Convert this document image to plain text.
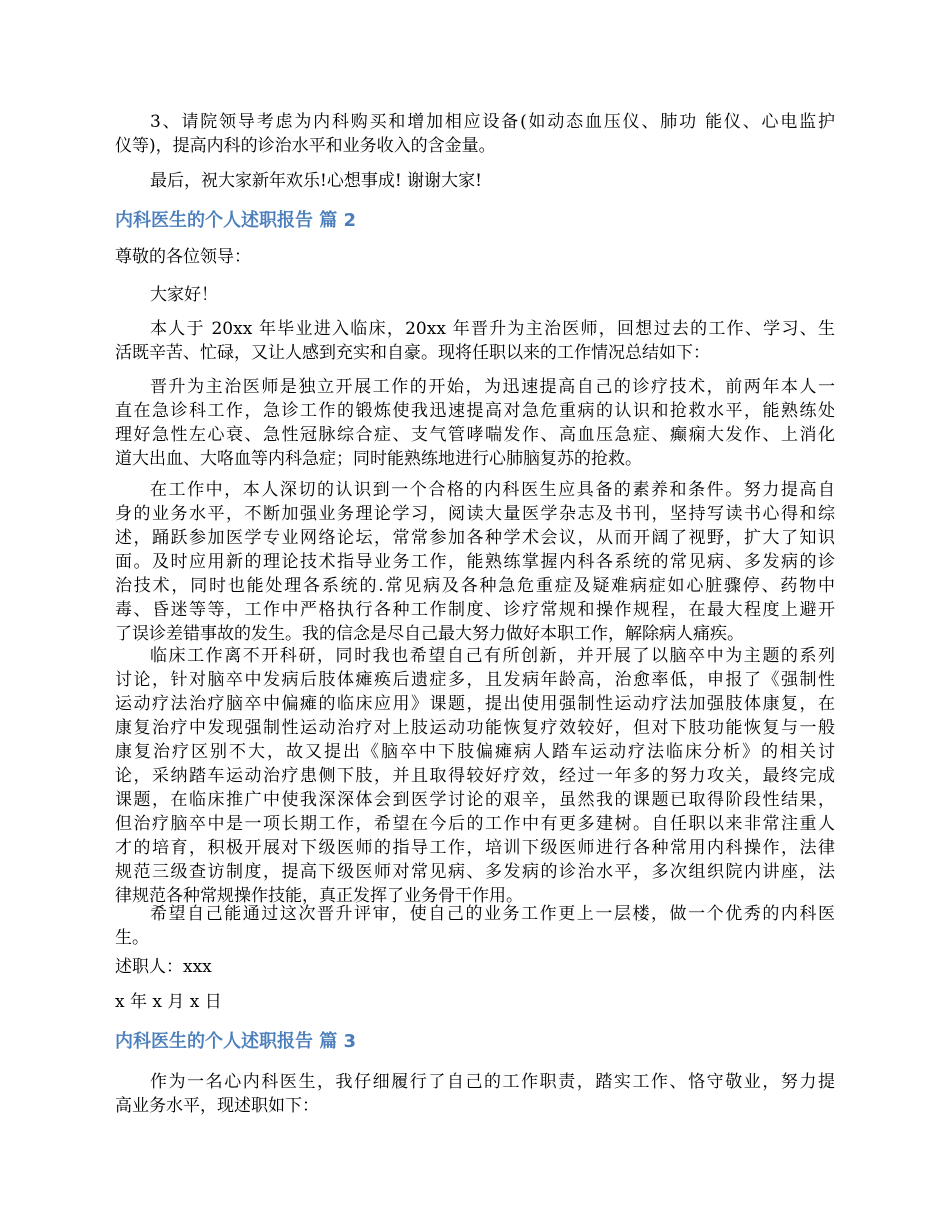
3、请院领导考虑为内科购买和增加相应设备(如动态血压仪、肺功 能仪、心电监护
仪等)，提高内科的诊治水平和业务收入的含金量。
最后，祝大家新年欢乐!心想事成! 谢谢大家!
内科医生的个人述职报告 篇 2
尊敬的各位领导：
大家好！
本人于 20xx 年毕业进入临床，20xx 年晋升为主治医师，回想过去的工作、学习、生
活既辛苦、忙碌，又让人感到充实和自豪。现将任职以来的工作情况总结如下：
晋升为主治医师是独立开展工作的开始，为迅速提高自己的诊疗技术，前两年本人一
直在急诊科工作，急诊工作的锻炼使我迅速提高对急危重病的认识和抢救水平，能熟练处
理好急性左心衰、急性冠脉综合症、支气管哮喘发作、高血压急症、癫痫大发作、上消化
道大出血、大咯血等内科急症；同时能熟练地进行心肺脑复苏的抢救。
在工作中，本人深切的认识到一个合格的内科医生应具备的素养和条件。努力提高自
身的业务水平，不断加强业务理论学习，阅读大量医学杂志及书刊，坚持写读书心得和综
述，踊跃参加医学专业网络论坛，常常参加各种学术会议，从而开阔了视野，扩大了知识
面。及时应用新的理论技术指导业务工作，能熟练掌握内科各系统的常见病、多发病的诊
治技术，同时也能处理各系统的.常见病及各种急危重症及疑难病症如心脏骤停、药物中
毒、昏迷等等，工作中严格执行各种工作制度、诊疗常规和操作规程，在最大程度上避开
了误诊差错事故的发生。我的信念是尽自己最大努力做好本职工作，解除病人痛疾。
临床工作离不开科研，同时我也希望自己有所创新，并开展了以脑卒中为主题的系列
讨论，针对脑卒中发病后肢体瘫痪后遗症多，且发病年龄高，治愈率低，申报了《强制性
运动疗法治疗脑卒中偏瘫的临床应用》课题，提出使用强制性运动疗法加强肢体康复，在
康复治疗中发现强制性运动治疗对上肢运动功能恢复疗效较好，但对下肢功能恢复与一般
康复治疗区别不大，故又提出《脑卒中下肢偏瘫病人踏车运动疗法临床分析》的相关讨
论，采纳踏车运动治疗患侧下肢，并且取得较好疗效，经过一年多的努力攻关，最终完成
课题，在临床推广中使我深深体会到医学讨论的艰辛，虽然我的课题已取得阶段性结果，
但治疗脑卒中是一项长期工作，希望在今后的工作中有更多建树。自任职以来非常注重人
才的培育，积极开展对下级医师的指导工作，培训下级医师进行各种常用内科操作，法律
规范三级查访制度，提高下级医师对常见病、多发病的诊治水平，多次组织院内讲座，法
律规范各种常规操作技能，真正发挥了业务骨干作用。
希望自己能通过这次晋升评审，使自己的业务工作更上一层楼，做一个优秀的内科医
生。
述职人：xxx
x 年 x 月 x 日
内科医生的个人述职报告 篇 3
作为一名心内科医生，我仔细履行了自己的工作职责，踏实工作、恪守敬业，努力提
高业务水平，现述职如下：
